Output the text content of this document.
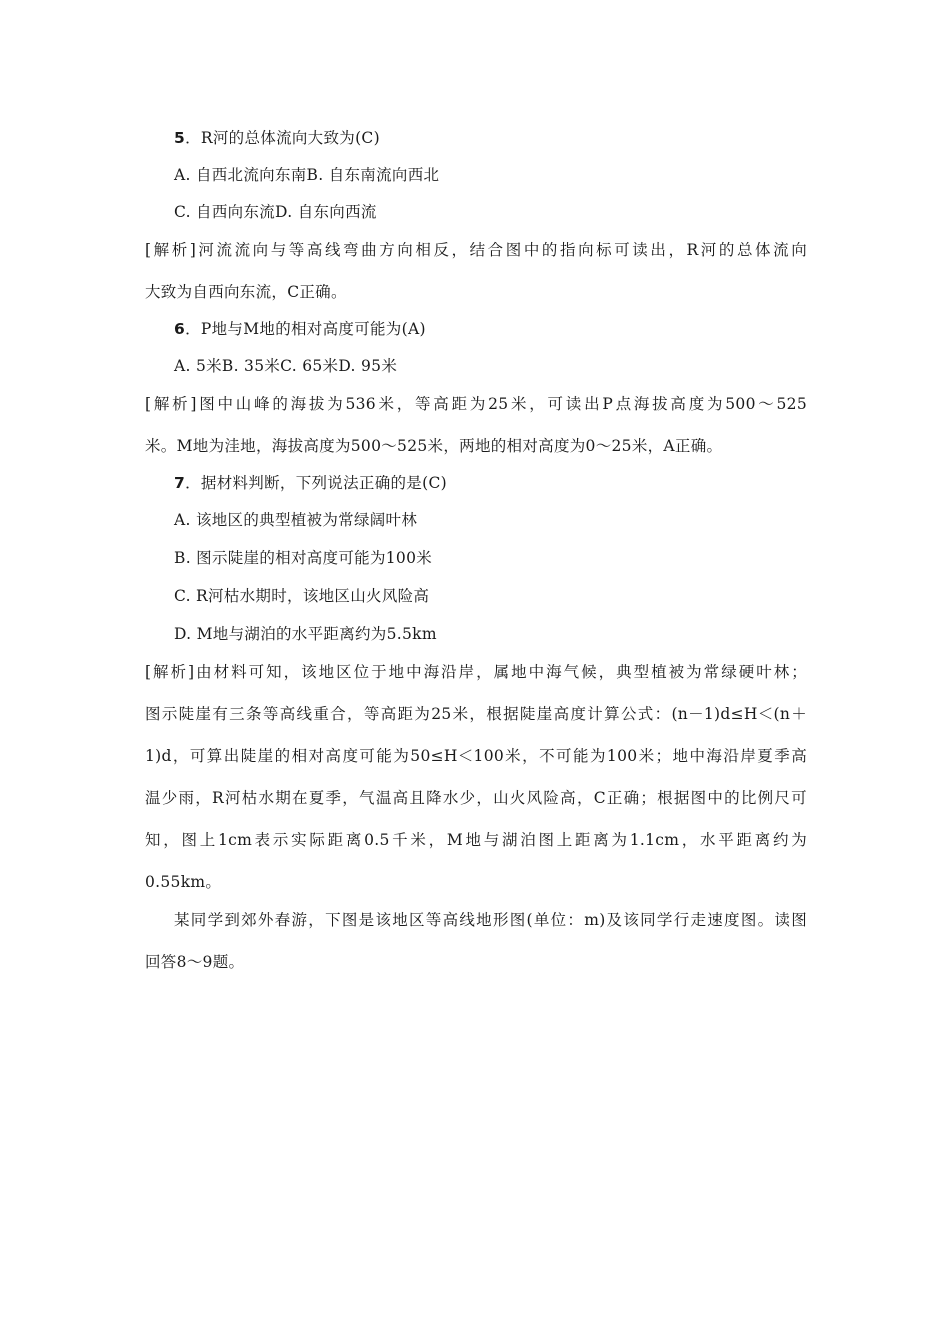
5．R河的总体流向大致为(C)
A. 自西北流向东南B. 自东南流向西北
C. 自西向东流D. 自东向西流
[解析]河流流向与等高线弯曲方向相反，结合图中的指向标可读出，R河的总体流向
大致为自西向东流，C正确。
6．P地与M地的相对高度可能为(A)
A. 5米B. 35米C. 65米D. 95米
[解析]图中山峰的海拔为536米，等高距为25米，可读出P点海拔高度为500～525
米。M地为洼地，海拔高度为500～525米，两地的相对高度为0～25米，A正确。
7．据材料判断，下列说法正确的是(C)
A. 该地区的典型植被为常绿阔叶林
B. 图示陡崖的相对高度可能为100米
C. R河枯水期时，该地区山火风险高
D. M地与湖泊的水平距离约为5.5km
[解析]由材料可知，该地区位于地中海沿岸，属地中海气候，典型植被为常绿硬叶林；
图示陡崖有三条等高线重合，等高距为25米，根据陡崖高度计算公式：(n－1)d≤H＜(n＋
1)d，可算出陡崖的相对高度可能为50≤H＜100米，不可能为100米；地中海沿岸夏季高
温少雨，R河枯水期在夏季，气温高且降水少，山火风险高，C正确；根据图中的比例尺可
知，图上1cm表示实际距离0.5千米，M地与湖泊图上距离为1.1cm，水平距离约为
0.55km。
某同学到郊外春游，下图是该地区等高线地形图(单位：m)及该同学行走速度图。读图
回答8～9题。
